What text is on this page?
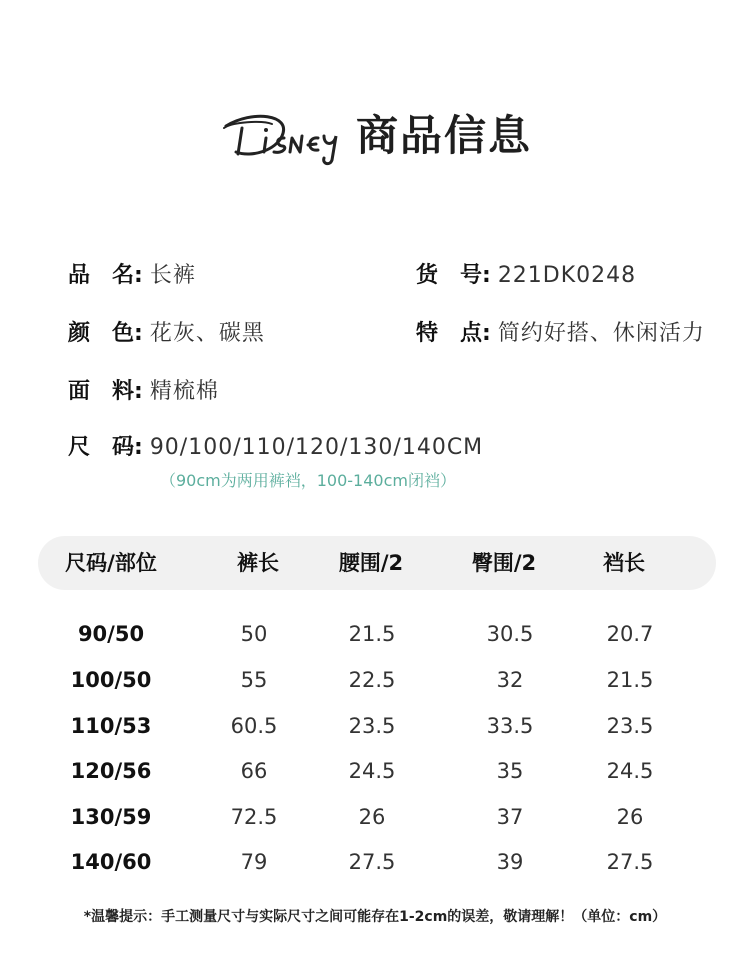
商品信息
品　名: 长裤	货　号: 221DK0248
颜　色: 花灰、碳黑	特　点: 简约好搭、休闲活力
面　料: 精梳棉
尺　码: 90/100/110/120/130/140CM
（90cm为两用裤裆，100-140cm闭裆）
尺码/部位	裤长	腰围/2	臀围/2	裆长
90/50	50	21.5	30.5	20.7
100/50	55	22.5	32	21.5
110/53	60.5	23.5	33.5	23.5
120/56	66	24.5	35	24.5
130/59	72.5	26	37	26
140/60	79	27.5	39	27.5
*温馨提示：手工测量尺寸与实际尺寸之间可能存在1-2cm的误差，敬请理解！（单位：cm）
